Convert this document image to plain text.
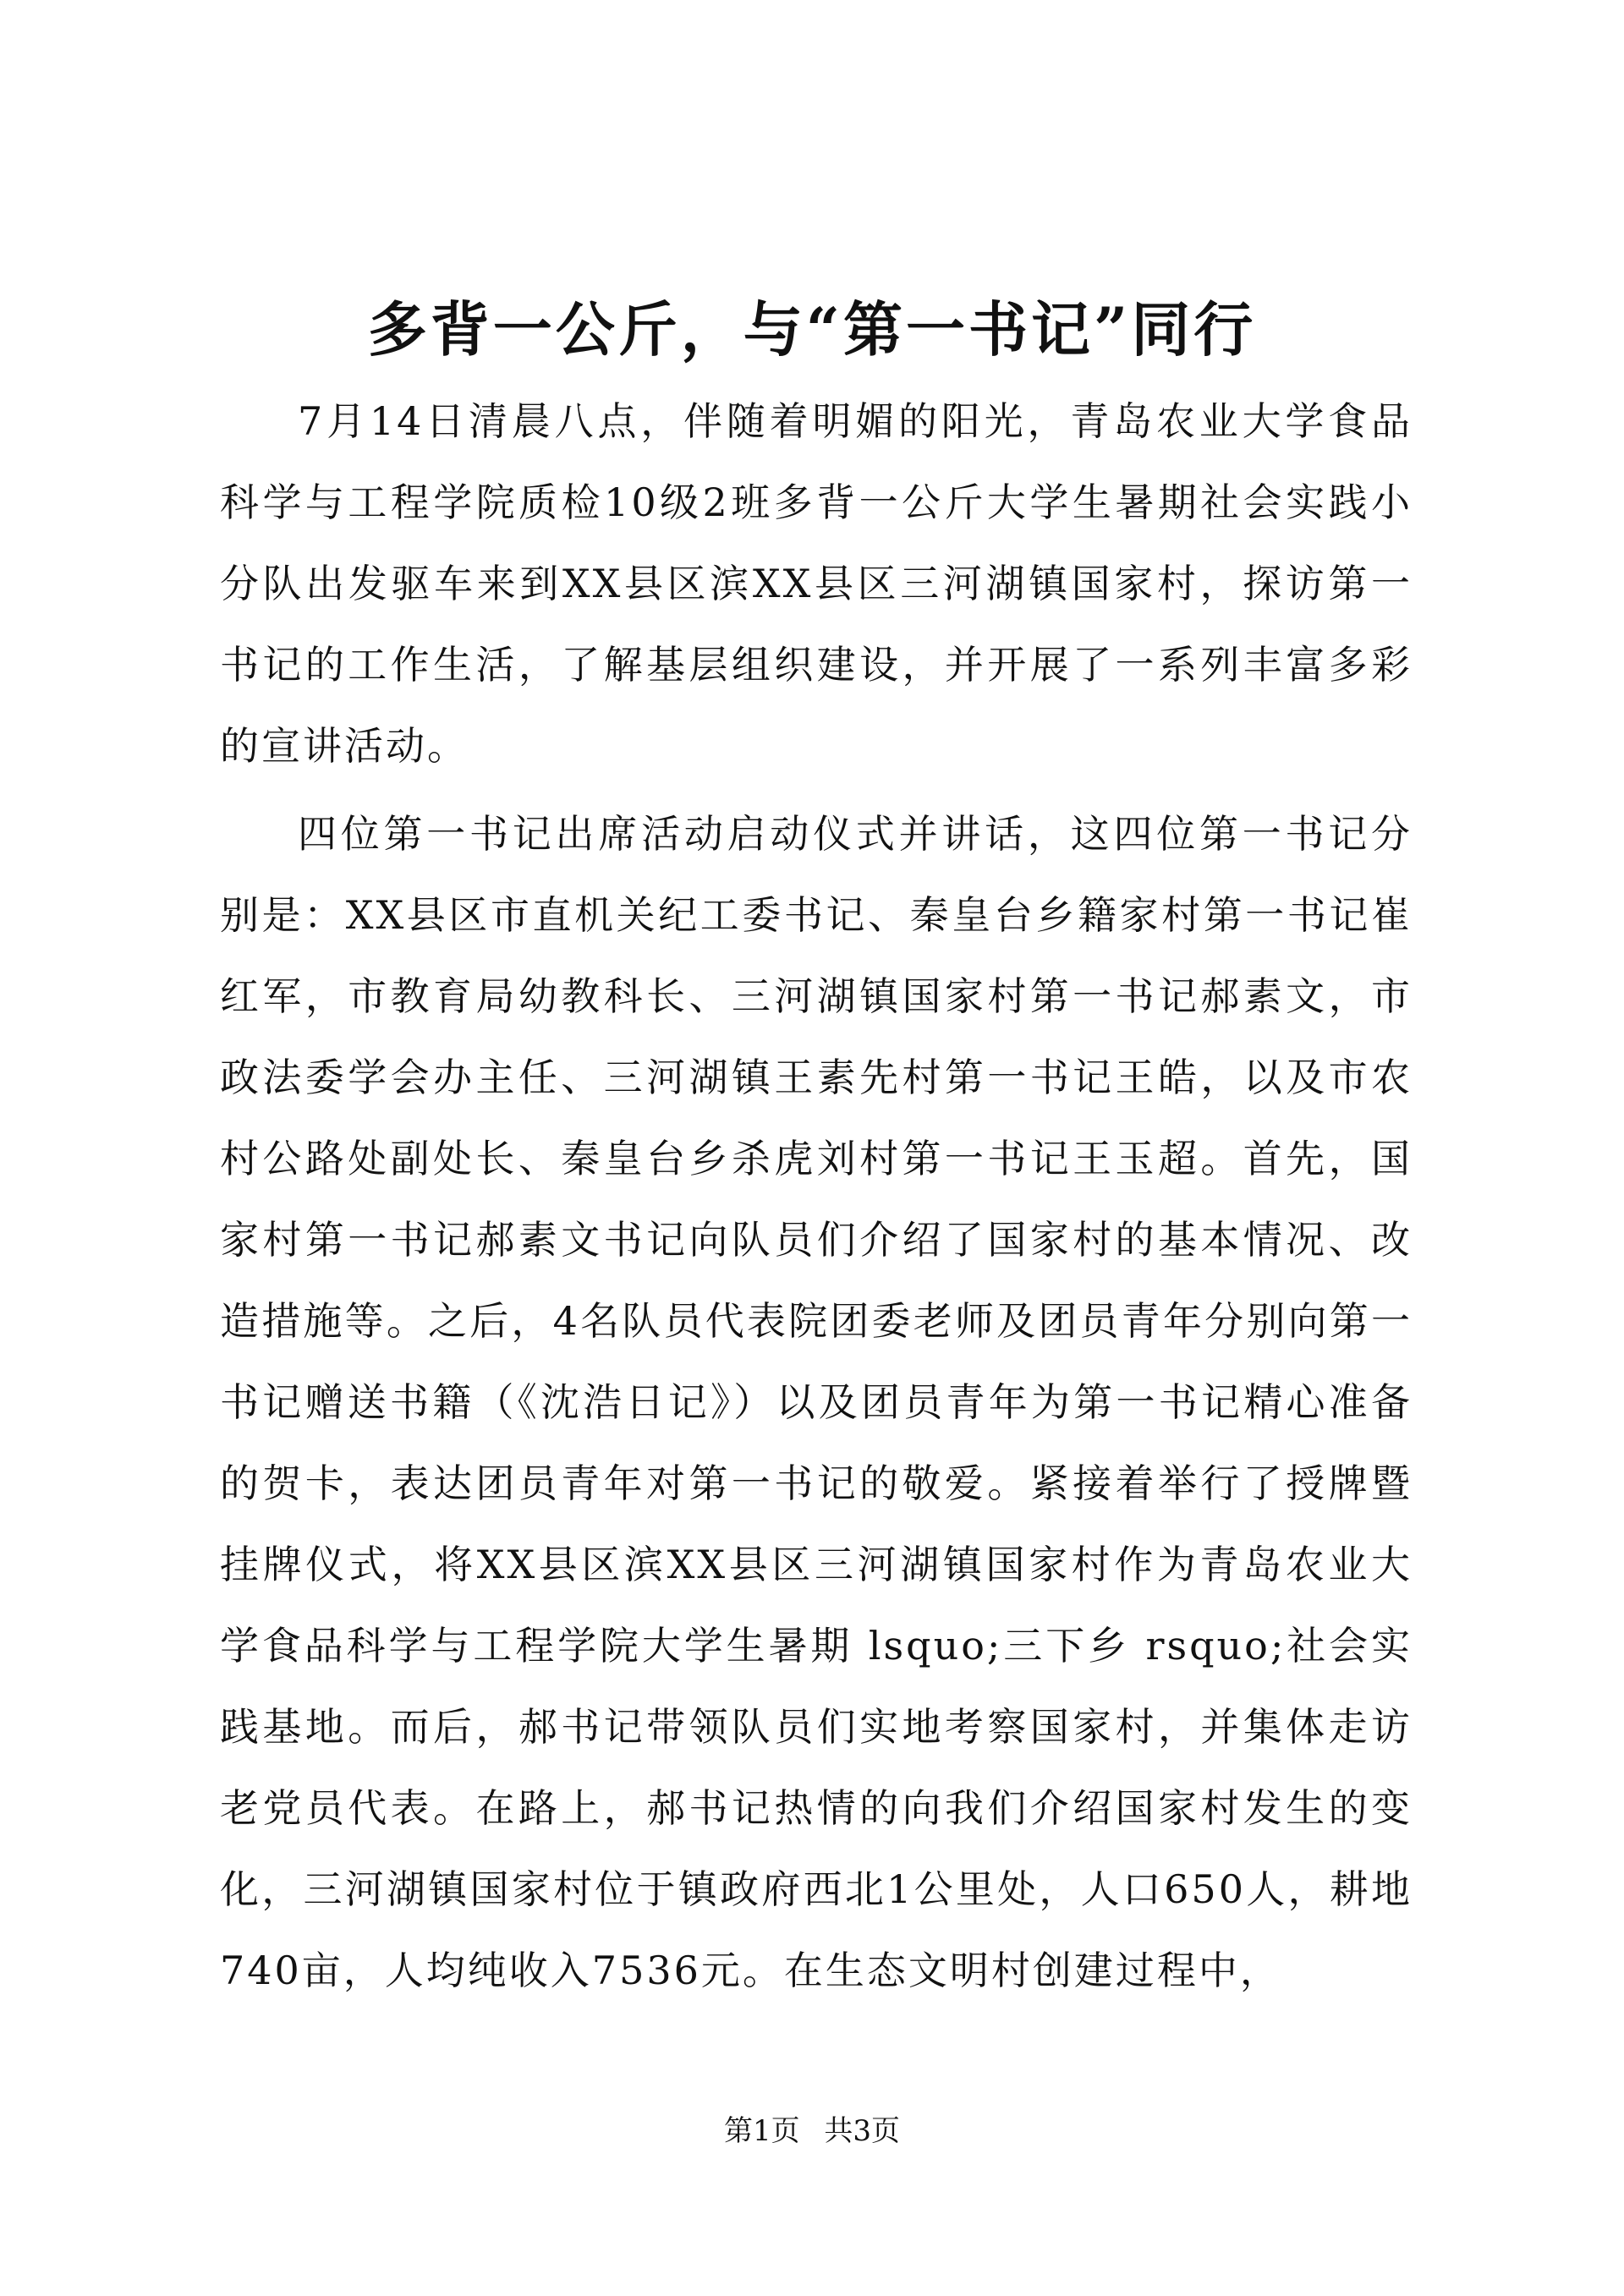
多背一公斤，与“第一书记”同行

7月14日清晨八点，伴随着明媚的阳光，青岛农业大学食品科学与工程学院质检10级2班多背一公斤大学生暑期社会实践小分队出发驱车来到XX县区滨XX县区三河湖镇国家村，探访第一书记的工作生活，了解基层组织建设，并开展了一系列丰富多彩的宣讲活动。

四位第一书记出席活动启动仪式并讲话，这四位第一书记分别是：XX县区市直机关纪工委书记、秦皇台乡籍家村第一书记崔红军，市教育局幼教科长、三河湖镇国家村第一书记郝素文，市政法委学会办主任、三河湖镇王素先村第一书记王皓，以及市农村公路处副处长、秦皇台乡杀虎刘村第一书记王玉超。首先，国家村第一书记郝素文书记向队员们介绍了国家村的基本情况、改造措施等。之后，4名队员代表院团委老师及团员青年分别向第一书记赠送书籍（《沈浩日记》）以及团员青年为第一书记精心准备的贺卡，表达团员青年对第一书记的敬爱。紧接着举行了授牌暨挂牌仪式，将XX县区滨XX县区三河湖镇国家村作为青岛农业大学食品科学与工程学院大学生暑期 lsquo;三下乡 rsquo;社会实践基地。而后，郝书记带领队员们实地考察国家村，并集体走访老党员代表。在路上，郝书记热情的向我们介绍国家村发生的变化，三河湖镇国家村位于镇政府西北1公里处，人口650人，耕地740亩，人均纯收入7536元。在生态文明村创建过程中，

第1页 共3页
